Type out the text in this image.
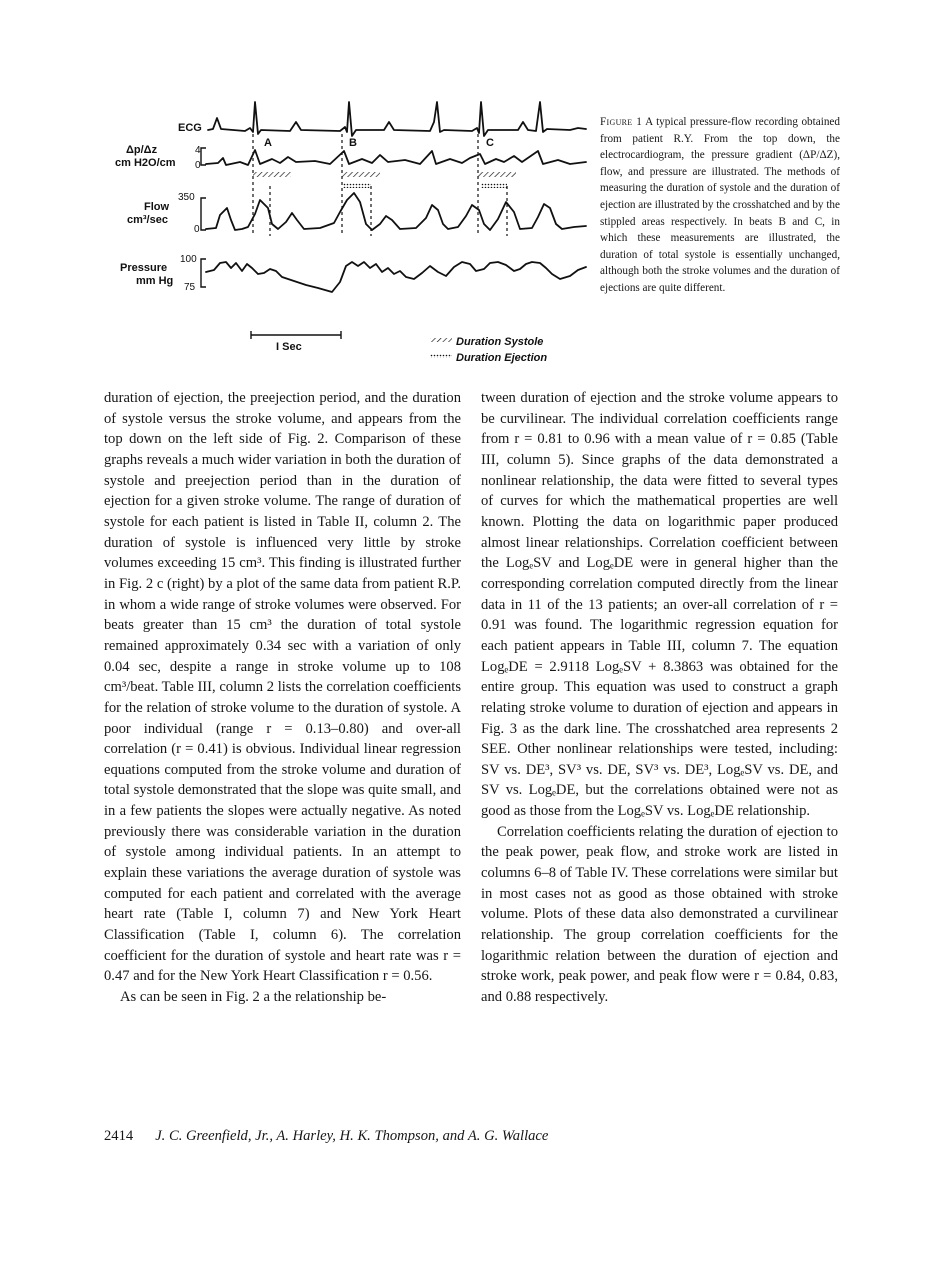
ECG
Δp/Δz
cm H2O/cm
4
0
Flow
cm³/sec
350
0
Pressure
mm Hg
100
75
A	B	C
I Sec	Duration Systole
Duration Ejection
Figure 1 A typical pressure-flow recording obtained from patient R.Y. From the top down, the electrocardiogram, the pressure gradient (ΔP/ΔZ), flow, and pressure are illustrated. The methods of measuring the duration of systole and the duration of ejection are illustrated by the crosshatched and by the stippled areas respectively. In beats B and C, in which these measurements are illustrated, the duration of total systole is essentially unchanged, although both the stroke volumes and the duration of ejections are quite different.

duration of ejection, the preejection period, and the duration of systole versus the stroke volume, and appears from the top down on the left side of Fig. 2. Comparison of these graphs reveals a much wider variation in both the duration of systole and preejection period than in the duration of ejection for a given stroke volume. The range of duration of systole for each patient is listed in Table II, column 2. The duration of systole is influenced very little by stroke volumes exceeding 15 cm³. This finding is illustrated further in Fig. 2 c (right) by a plot of the same data from patient R.P. in whom a wide range of stroke volumes were observed. For beats greater than 15 cm³ the duration of total systole remained approximately 0.34 sec with a variation of only 0.04 sec, despite a range in stroke volume up to 108 cm³/beat. Table III, column 2 lists the correlation coefficients for the relation of stroke volume to the duration of systole. A poor individual (range r = 0.13–0.80) and over-all correlation (r = 0.41) is obvious. Individual linear regression equations computed from the stroke volume and duration of total systole demonstrated that the slope was quite small, and in a few patients the slopes were actually negative. As noted previously there was considerable variation in the duration of systole among individual patients. In an attempt to explain these variations the average duration of systole was computed for each patient and correlated with the average heart rate (Table I, column 7) and New York Heart Classification (Table I, column 6). The correlation coefficient for the duration of systole and heart rate was r = 0.47 and for the New York Heart Classification r = 0.56.

As can be seen in Fig. 2 a the relationship be-

tween duration of ejection and the stroke volume appears to be curvilinear. The individual correlation coefficients range from r = 0.81 to 0.96 with a mean value of r = 0.85 (Table III, column 5). Since graphs of the data demonstrated a nonlinear relationship, the data were fitted to several types of curves for which the mathematical properties are well known. Plotting the data on logarithmic paper produced almost linear relationships. Correlation coefficient between the LogₑSV and LogₑDE were in general higher than the corresponding correlation computed directly from the linear data in 11 of the 13 patients; an over-all correlation of r = 0.91 was found. The logarithmic regression equation for each patient appears in Table III, column 7. The equation LogₑDE = 2.9118 LogₑSV + 8.3863 was obtained for the entire group. This equation was used to construct a graph relating stroke volume to duration of ejection and appears in Fig. 3 as the dark line. The crosshatched area represents 2 SEE. Other nonlinear relationships were tested, including: SV vs. DE³, SV³ vs. DE, SV³ vs. DE³, LogₑSV vs. DE, and SV vs. LogₑDE, but the correlations obtained were not as good as those from the LogₑSV vs. LogₑDE relationship.

Correlation coefficients relating the duration of ejection to the peak power, peak flow, and stroke work are listed in columns 6–8 of Table IV. These correlations were similar but in most cases not as good as those obtained with stroke volume. Plots of these data also demonstrated a curvilinear relationship. The group correlation coefficients for the logarithmic relation between the duration of ejection and stroke work, peak power, and peak flow were r = 0.84, 0.83, and 0.88 respectively.

2414 J. C. Greenfield, Jr., A. Harley, H. K. Thompson, and A. G. Wallace
